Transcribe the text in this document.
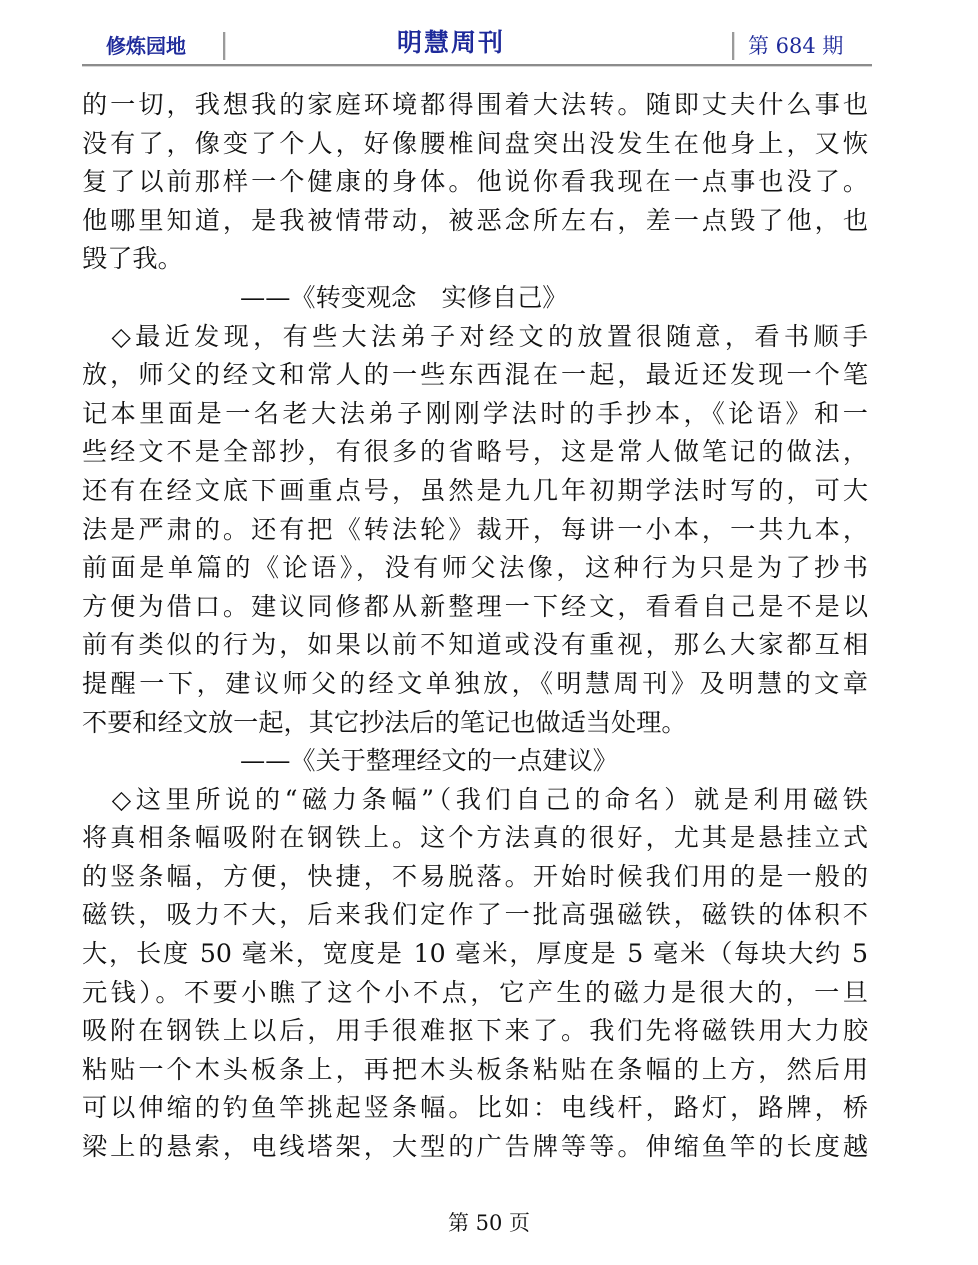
修炼园地	明慧周刊	第 684 期
的一切，我想我的家庭环境都得围着大法转。随即丈夫什么事也
没有了，像变了个人，好像腰椎间盘突出没发生在他身上，又恢
复了以前那样一个健康的身体。他说你看我现在一点事也没了。
他哪里知道，是我被情带动，被恶念所左右，差一点毁了他，也
毁了我。
——《转变观念　实修自己》
　◇最近发现，有些大法弟子对经文的放置很随意，看书顺手
放，师父的经文和常人的一些东西混在一起，最近还发现一个笔
记本里面是一名老大法弟子刚刚学法时的手抄本，《论语》和一
些经文不是全部抄，有很多的省略号，这是常人做笔记的做法，
还有在经文底下画重点号，虽然是九几年初期学法时写的，可大
法是严肃的。还有把《转法轮》裁开，每讲一小本，一共九本，
前面是单篇的《论语》，没有师父法像，这种行为只是为了抄书
方便为借口。建议同修都从新整理一下经文，看看自己是不是以
前有类似的行为，如果以前不知道或没有重视，那么大家都互相
提醒一下，建议师父的经文单独放，《明慧周刊》及明慧的文章
不要和经文放一起，其它抄法后的笔记也做适当处理。
——《关于整理经文的一点建议》
　◇这里所说的“磁力条幅”（我们自己的命名）就是利用磁铁
将真相条幅吸附在钢铁上。这个方法真的很好，尤其是悬挂立式
的竖条幅，方便，快捷，不易脱落。开始时候我们用的是一般的
磁铁，吸力不大，后来我们定作了一批高强磁铁，磁铁的体积不
大，长度 50 毫米，宽度是 10 毫米，厚度是 5 毫米（每块大约 5
元钱）。不要小瞧了这个小不点，它产生的磁力是很大的，一旦
吸附在钢铁上以后，用手很难抠下来了。我们先将磁铁用大力胶
粘贴一个木头板条上，再把木头板条粘贴在条幅的上方，然后用
可以伸缩的钓鱼竿挑起竖条幅。比如：电线杆，路灯，路牌，桥
梁上的悬索，电线塔架，大型的广告牌等等。伸缩鱼竿的长度越
第 50 页
